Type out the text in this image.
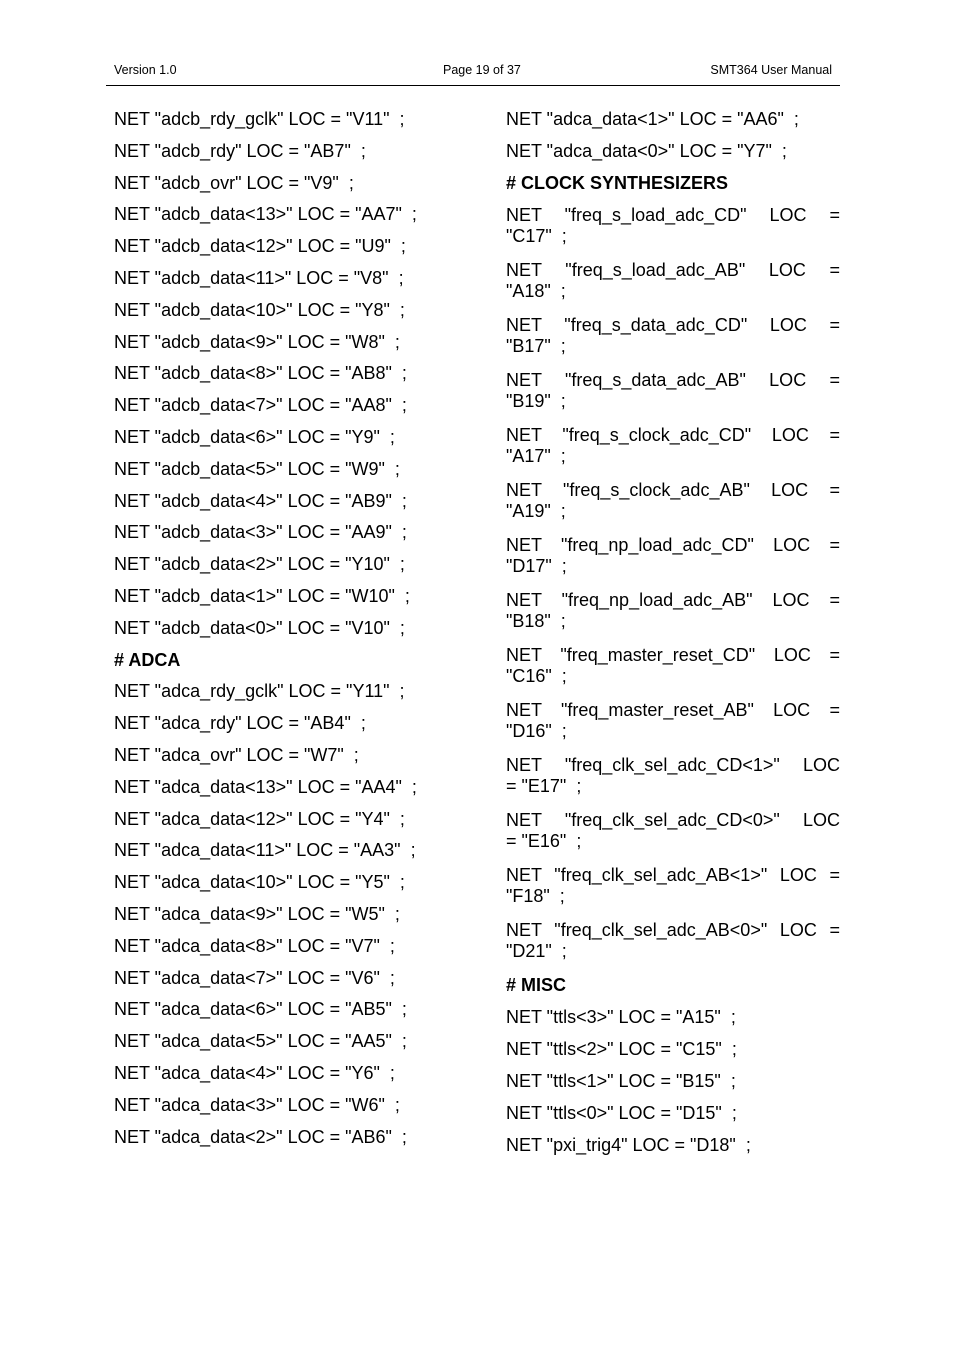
Version 1.0	Page 19 of 37	SMT364 User Manual
NET "adcb_rdy_gclk" LOC = "V11"  ;
NET "adcb_rdy" LOC = "AB7"  ;
NET "adcb_ovr" LOC = "V9"  ;
NET "adcb_data<13>" LOC = "AA7"  ;
NET "adcb_data<12>" LOC = "U9"  ;
NET "adcb_data<11>" LOC = "V8"  ;
NET "adcb_data<10>" LOC = "Y8"  ;
NET "adcb_data<9>" LOC = "W8"  ;
NET "adcb_data<8>" LOC = "AB8"  ;
NET "adcb_data<7>" LOC = "AA8"  ;
NET "adcb_data<6>" LOC = "Y9"  ;
NET "adcb_data<5>" LOC = "W9"  ;
NET "adcb_data<4>" LOC = "AB9"  ;
NET "adcb_data<3>" LOC = "AA9"  ;
NET "adcb_data<2>" LOC = "Y10"  ;
NET "adcb_data<1>" LOC = "W10"  ;
NET "adcb_data<0>" LOC = "V10"  ;
# ADCA
NET "adca_rdy_gclk" LOC = "Y11"  ;
NET "adca_rdy" LOC = "AB4"  ;
NET "adca_ovr" LOC = "W7"  ;
NET "adca_data<13>" LOC = "AA4"  ;
NET "adca_data<12>" LOC = "Y4"  ;
NET "adca_data<11>" LOC = "AA3"  ;
NET "adca_data<10>" LOC = "Y5"  ;
NET "adca_data<9>" LOC = "W5"  ;
NET "adca_data<8>" LOC = "V7"  ;
NET "adca_data<7>" LOC = "V6"  ;
NET "adca_data<6>" LOC = "AB5"  ;
NET "adca_data<5>" LOC = "AA5"  ;
NET "adca_data<4>" LOC = "Y6"  ;
NET "adca_data<3>" LOC = "W6"  ;
NET "adca_data<2>" LOC = "AB6"  ;
NET "adca_data<1>" LOC = "AA6"  ;
NET "adca_data<0>" LOC = "Y7"  ;
# CLOCK SYNTHESIZERS
NET "freq_s_load_adc_CD" LOC =
"C17"  ;
NET "freq_s_load_adc_AB" LOC =
"A18"  ;
NET "freq_s_data_adc_CD" LOC =
"B17"  ;
NET "freq_s_data_adc_AB" LOC =
"B19"  ;
NET "freq_s_clock_adc_CD" LOC =
"A17"  ;
NET "freq_s_clock_adc_AB" LOC =
"A19"  ;
NET "freq_np_load_adc_CD" LOC =
"D17"  ;
NET "freq_np_load_adc_AB" LOC =
"B18"  ;
NET "freq_master_reset_CD" LOC =
"C16"  ;
NET "freq_master_reset_AB" LOC =
"D16"  ;
NET "freq_clk_sel_adc_CD<1>" LOC
= "E17"  ;
NET "freq_clk_sel_adc_CD<0>" LOC
= "E16"  ;
NET "freq_clk_sel_adc_AB<1>" LOC =
"F18"  ;
NET "freq_clk_sel_adc_AB<0>" LOC =
"D21"  ;
# MISC
NET "ttls<3>" LOC = "A15"  ;
NET "ttls<2>" LOC = "C15"  ;
NET "ttls<1>" LOC = "B15"  ;
NET "ttls<0>" LOC = "D15"  ;
NET "pxi_trig4" LOC = "D18"  ;
